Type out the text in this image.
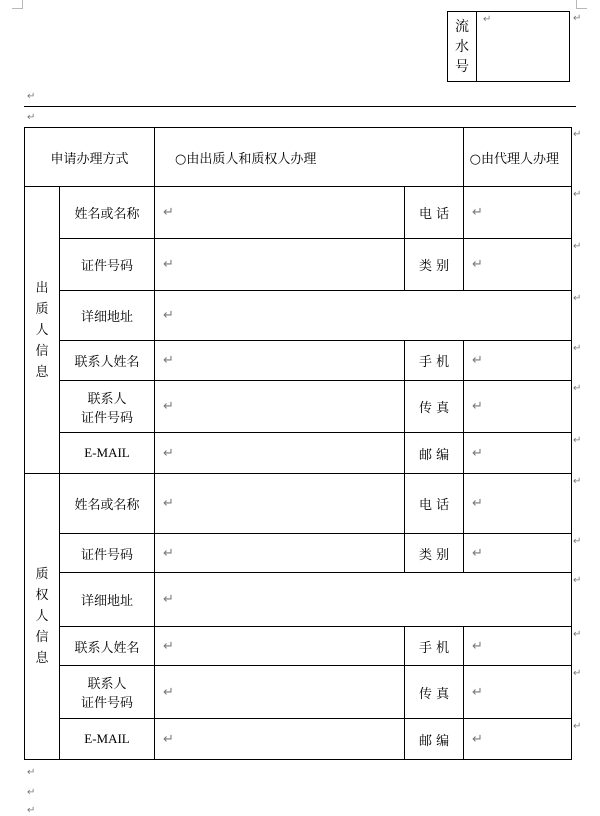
流
水
号
↵
↵
↵
申请办理方式		○由出质人和质权人办理		○由代理人办理

出
质
人
信
息	姓名或名称	↵	电 话	↵
	证件号码	↵	类 别	↵
	详细地址	↵		
	联系人姓名	↵	手 机	↵

	联系人
证件号码	↵	传 真	↵
	E-MAIL	↵	邮 编	↵

质
权
人
信
息	姓名或名称	↵	电 话	↵
	证件号码	↵	类 别	↵
	详细地址	↵		
	联系人姓名	↵	手 机	↵

	联系人
证件号码	↵	传 真	↵
	E-MAIL	↵	邮 编	↵
↵
↵
↵
↵
↵
↵
↵
↵
↵
↵
↵
↵
↵
↵
↵
↵
↵
